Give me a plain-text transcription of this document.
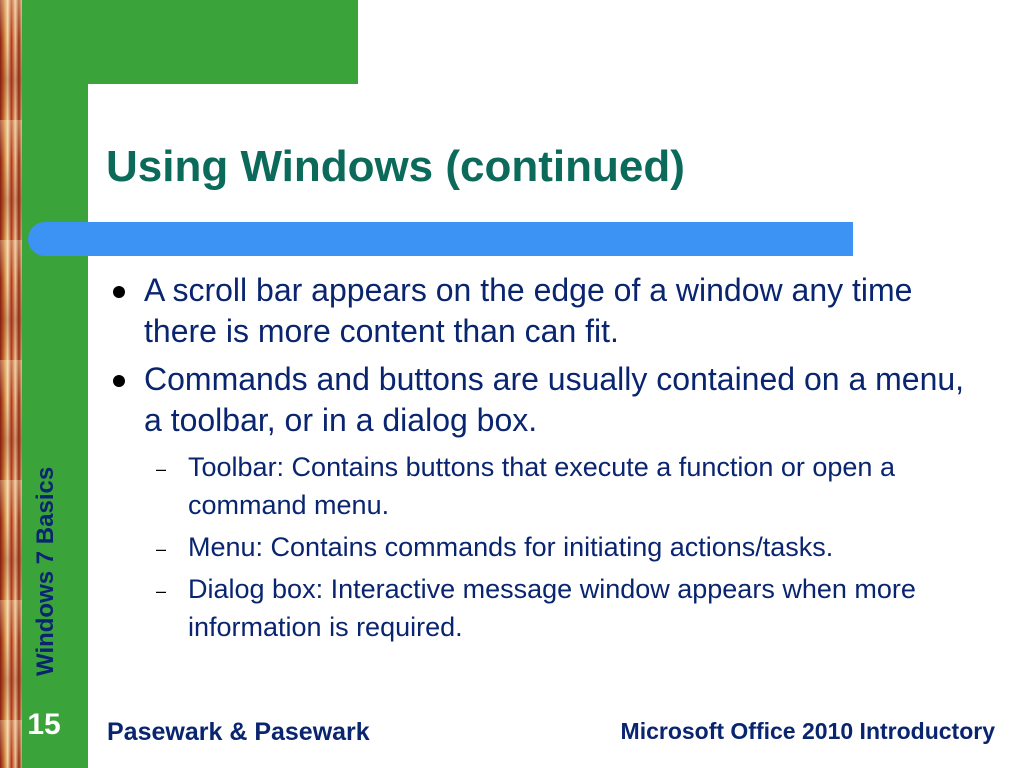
Using Windows (continued)
A scroll bar appears on the edge of a window any time there is more content than can fit.
Commands and buttons are usually contained on a menu, a toolbar, or in a dialog box.
– Toolbar: Contains buttons that execute a function or open a command menu.
– Menu: Contains commands for initiating actions/tasks.
– Dialog box: Interactive message window appears when more information is required.
Windows 7 Basics
15 Pasewark & Pasewark	Microsoft Office 2010 Introductory
